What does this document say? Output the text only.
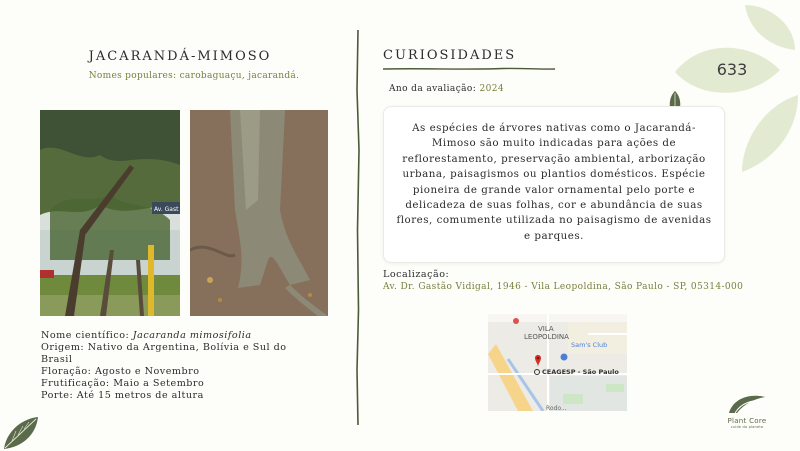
633
JACARANDÁ-MIMOSO
Nomes populares: carobaguaçu, jacarandá.
Av. Gast
Nome científico: Jacaranda mimosifolia
Origem: Nativo da Argentina, Bolívia e Sul do Brasil
Floração: Agosto e Novembro
Frutificação: Maio a Setembro
Porte: Até 15 metros de altura
CURIOSIDADES
Ano da avaliação: 2024

As espécies de árvores nativas como o Jacarandá-Mimoso são muito indicadas para ações de reflorestamento, preservação ambiental, arborização urbana, paisagismos ou plantios domésticos. Espécie pioneira de grande valor ornamental pelo porte e delicadeza de suas folhas, cor e abundância de suas flores, comumente utilizada no paisagismo de avenidas e parques.

Localização:
Av. Dr. Gastão Vidigal, 1946 - Vila Leopoldina, São Paulo - SP, 05314-000
VILA
LEOPOLDINA
Sam's Club
CEAGESP - São Paulo
Rodo...
Plant Core
cuide do planeta
